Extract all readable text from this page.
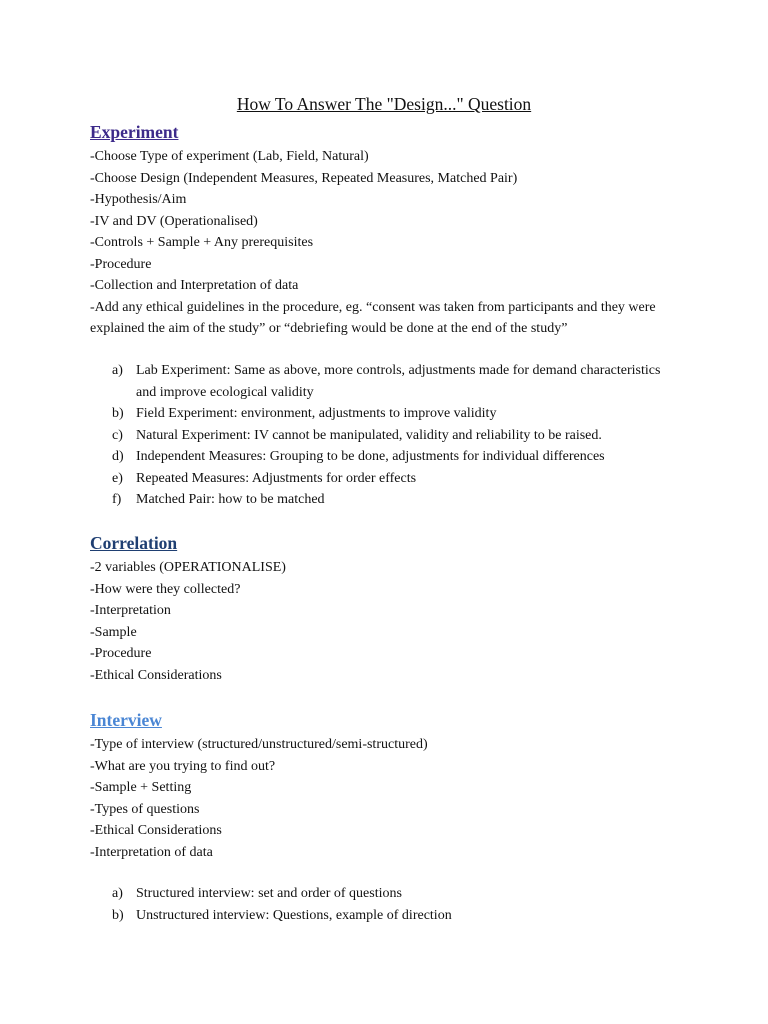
How To Answer The "Design..." Question
Experiment
-Choose Type of experiment (Lab, Field, Natural)
-Choose Design (Independent Measures, Repeated Measures, Matched Pair)
-Hypothesis/Aim
-IV and DV (Operationalised)
-Controls + Sample + Any prerequisites
-Procedure
-Collection and Interpretation of data
-Add any ethical guidelines in the procedure, eg. “consent was taken from participants and they were explained the aim of the study” or “debriefing would be done at the end of the study”
a) Lab Experiment: Same as above, more controls, adjustments made for demand characteristics and improve ecological validity
b) Field Experiment: environment, adjustments to improve validity
c) Natural Experiment: IV cannot be manipulated, validity and reliability to be raised.
d) Independent Measures: Grouping to be done, adjustments for individual differences
e) Repeated Measures: Adjustments for order effects
f) Matched Pair: how to be matched
Correlation
-2 variables (OPERATIONALISE)
-How were they collected?
-Interpretation
-Sample
-Procedure
-Ethical Considerations
Interview
-Type of interview (structured/unstructured/semi-structured)
-What are you trying to find out?
-Sample + Setting
-Types of questions
-Ethical Considerations
-Interpretation of data
a) Structured interview: set and order of questions
b) Unstructured interview: Questions, example of direction
